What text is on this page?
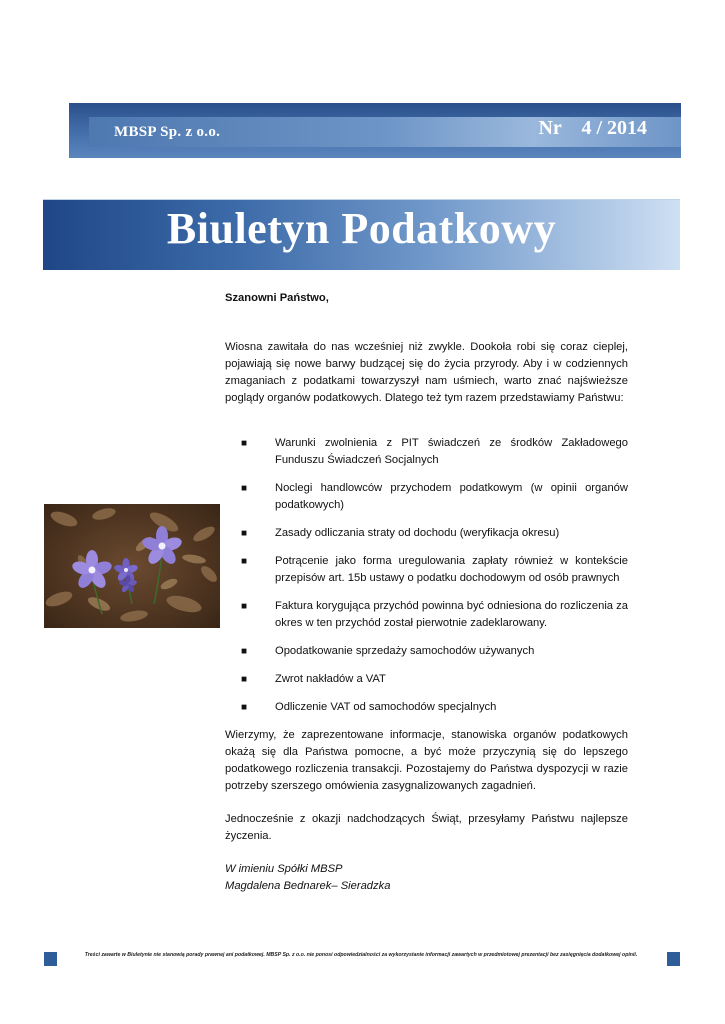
MBSP Sp. z o.o.	Nr    4 / 2014
Biuletyn Podatkowy

Szanowni Państwo,

Wiosna zawitała do nas wcześniej niż zwykle. Dookoła robi się coraz cieplej, pojawiają się nowe barwy budzącej się do życia przyrody. Aby i w codziennych zmaganiach z podatkami towarzyszył nam uśmiech, warto znać najświeższe poglądy organów podatkowych. Dlatego też tym razem przedstawiamy Państwu:

■ Warunki zwolnienia z PIT świadczeń ze środków Zakładowego Funduszu Świadczeń Socjalnych
■ Noclegi handlowców przychodem podatkowym (w opinii organów podatkowych)
■ Zasady odliczania straty od dochodu (weryfikacja okresu)
■ Potrącenie jako forma uregulowania zapłaty również w kontekście przepisów art. 15b ustawy o podatku dochodowym od osób prawnych
■ Faktura korygująca przychód powinna być odniesiona do rozliczenia za okres w ten przychód został pierwotnie zadeklarowany.
■ Opodatkowanie sprzedaży samochodów używanych
■ Zwrot nakładów a VAT
■ Odliczenie VAT od samochodów specjalnych

Wierzymy, że zaprezentowane informacje, stanowiska organów podatkowych okażą się dla Państwa pomocne, a być może przyczynią się do lepszego podatkowego rozliczenia transakcji. Pozostajemy do Państwa dyspozycji w razie potrzeby szerszego omówienia zasygnalizowanych zagadnień.

Jednocześnie z okazji nadchodzących Świąt, przesyłamy Państwu najlepsze życzenia.

W imieniu Spółki MBSP
Magdalena Bednarek– Sieradzka
Treści zawarte w Biuletynie nie stanowią porady prawnej ani podatkowej. MBSP Sp. z o.o. nie ponosi odpowiedzialności za wykorzystanie informacji zawartych w przedmiotowej prezentacji bez zasięgnięcia dodatkowej opinii.
